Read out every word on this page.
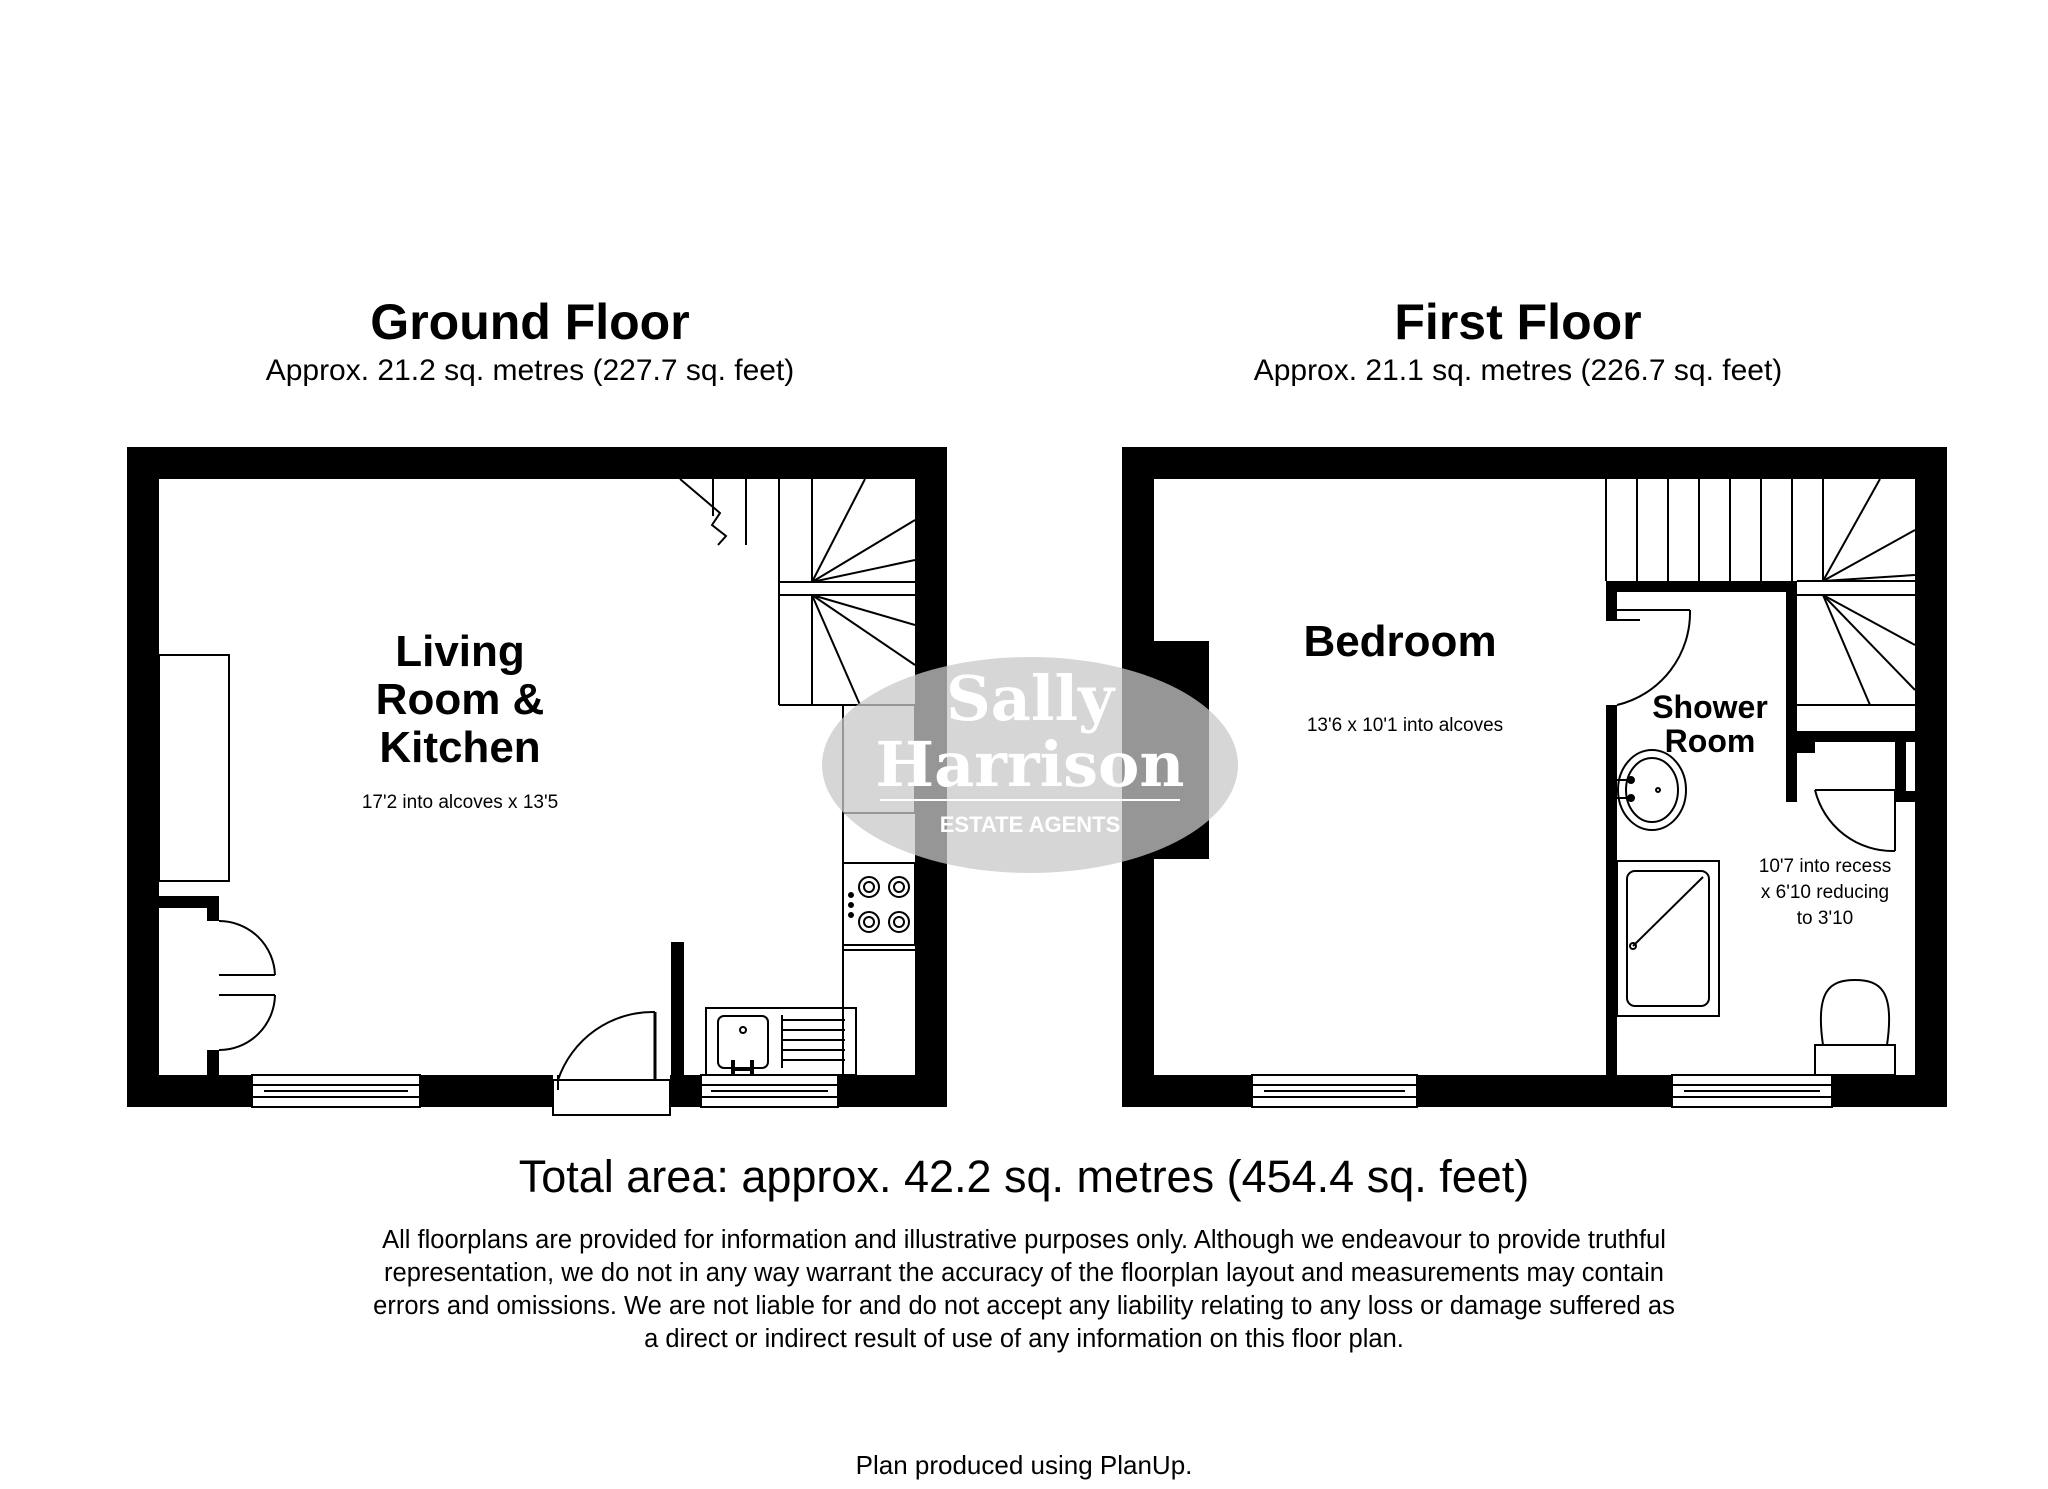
Ground Floor
Approx. 21.2 sq. metres (227.7 sq. feet)
First Floor
Approx. 21.1 sq. metres (226.7 sq. feet)
Sally
Harrison
ESTATE AGENTS
Living
Room &
Kitchen
17'2 into alcoves x 13'5
Bedroom
13'6 x 10'1 into alcoves
Shower
Room
10'7 into recess
x 6'10 reducing
to 3'10
Total area: approx. 42.2 sq. metres (454.4 sq. feet)
All floorplans are provided for information and illustrative purposes only. Although we endeavour to provide truthful representation, we do not in any way warrant the accuracy of the floorplan layout and measurements may contain errors and omissions. We are not liable for and do not accept any liability relating to any loss or damage suffered as a direct or indirect result of use of any information on this floor plan.
Plan produced using PlanUp.
